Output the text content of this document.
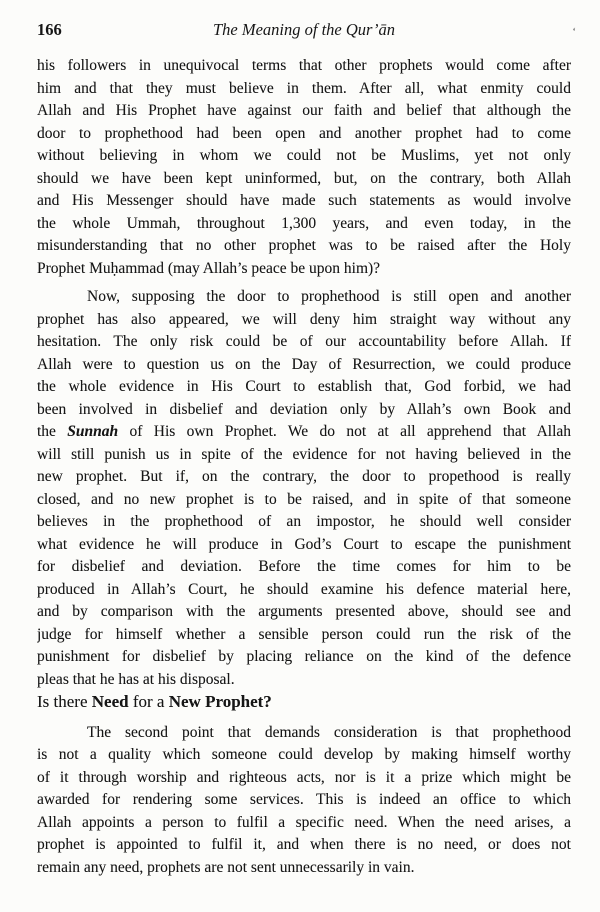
166	The Meaning of the Qur’ān
his followers in unequivocal terms that other prophets would come after
him and that they must believe in them. After all, what enmity could
Allah and His Prophet have against our faith and belief that although the
door to prophethood had been open and another prophet had to come
without believing in whom we could not be Muslims, yet not only
should we have been kept uninformed, but, on the contrary, both Allah
and His Messenger should have made such statements as would involve
the whole Ummah, throughout 1,300 years, and even today, in the
misunderstanding that no other prophet was to be raised after the Holy
Prophet Muḥammad (may Allah’s peace be upon him)?
Now, supposing the door to prophethood is still open and another
prophet has also appeared, we will deny him straight way without any
hesitation. The only risk could be of our accountability before Allah. If
Allah were to question us on the Day of Resurrection, we could produce
the whole evidence in His Court to establish that, God forbid, we had
been involved in disbelief and deviation only by Allah’s own Book and
the Sunnah of His own Prophet. We do not at all apprehend that Allah
will still punish us in spite of the evidence for not having believed in the
new prophet. But if, on the contrary, the door to propethood is really
closed, and no new prophet is to be raised, and in spite of that someone
believes in the prophethood of an impostor, he should well consider
what evidence he will produce in God’s Court to escape the punishment
for disbelief and deviation. Before the time comes for him to be
produced in Allah’s Court, he should examine his defence material here,
and by comparison with the arguments presented above, should see and
judge for himself whether a sensible person could run the risk of the
punishment for disbelief by placing reliance on the kind of the defence
pleas that he has at his disposal.
Is there Need for a New Prophet?
The second point that demands consideration is that prophethood
is not a quality which someone could develop by making himself worthy
of it through worship and righteous acts, nor is it a prize which might be
awarded for rendering some services. This is indeed an office to which
Allah appoints a person to fulfil a specific need. When the need arises, a
prophet is appointed to fulfil it, and when there is no need, or does not
remain any need, prophets are not sent unnecessarily in vain.
‘
